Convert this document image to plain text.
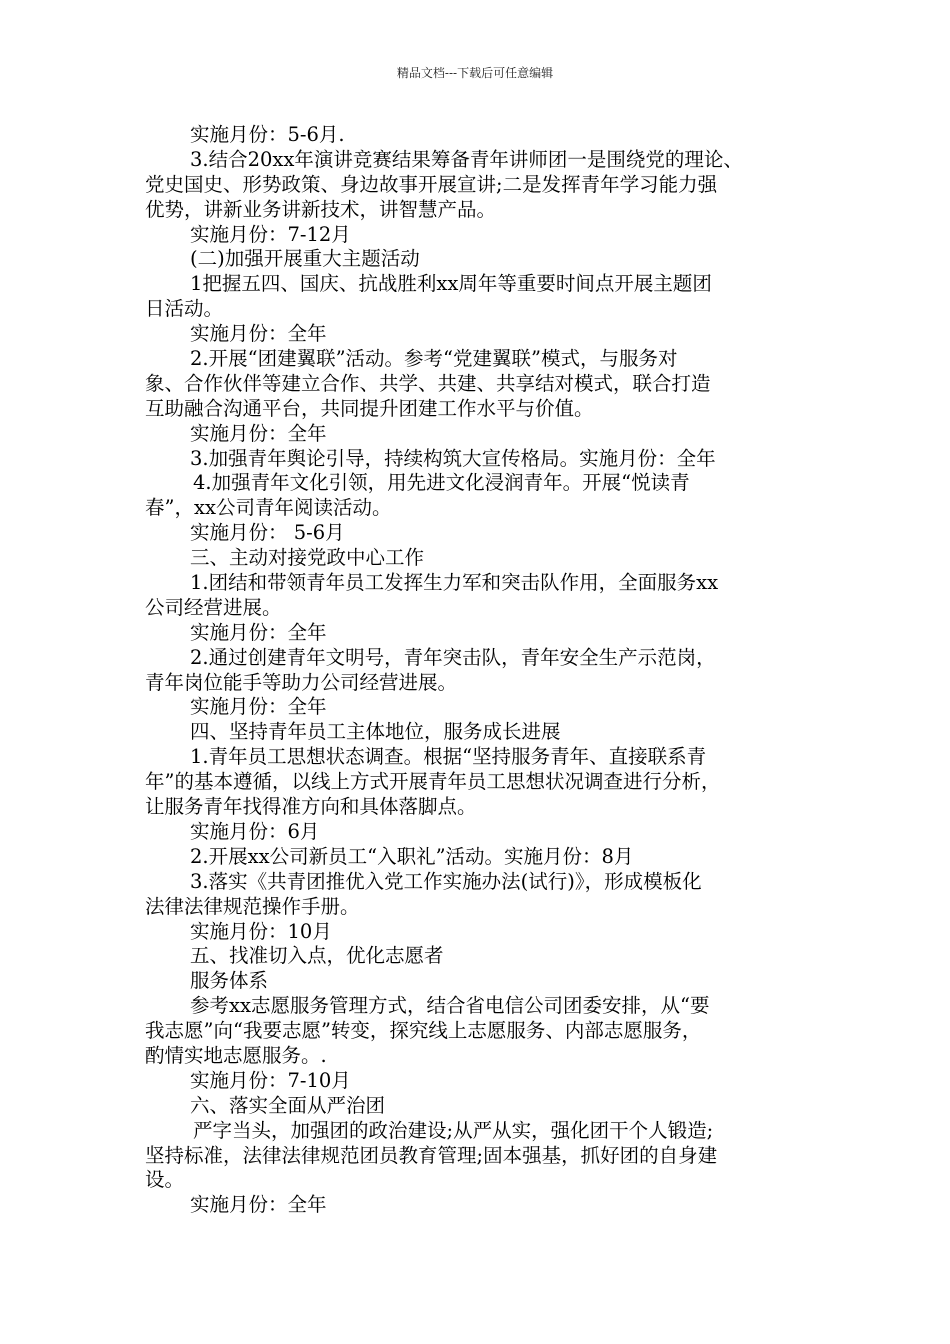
精品文档---下载后可任意编辑
实施月份：5-6月.
3.结合20xx年演讲竞赛结果筹备青年讲师团一是围绕党的理论、
党史国史、形势政策、身边故事开展宣讲;二是发挥青年学习能力强
优势，讲新业务讲新技术，讲智慧产品。
实施月份：7-12月
(二)加强开展重大主题活动
1把握五四、国庆、抗战胜利xx周年等重要时间点开展主题团
日活动。
实施月份：全年
2.开展“团建翼联”活动。参考“党建翼联”模式，与服务对
象、合作伙伴等建立合作、共学、共建、共享结对模式，联合打造
互助融合沟通平台，共同提升团建工作水平与价值。
实施月份：全年
3.加强青年舆论引导，持续构筑大宣传格局。实施月份：全年
4.加强青年文化引领，用先进文化浸润青年。开展“悦读青
春”，xx公司青年阅读活动。
实施月份： 5-6月
三、主动对接党政中心工作
1.团结和带领青年员工发挥生力军和突击队作用，全面服务xx
公司经营进展。
实施月份：全年
2.通过创建青年文明号，青年突击队，青年安全生产示范岗，
青年岗位能手等助力公司经营进展。
实施月份：全年
四、坚持青年员工主体地位，服务成长进展
1.青年员工思想状态调查。根据“坚持服务青年、直接联系青
年”的基本遵循，以线上方式开展青年员工思想状况调查进行分析，
让服务青年找得准方向和具体落脚点。
实施月份：6月
2.开展xx公司新员工“入职礼”活动。实施月份：8月
3.落实《共青团推优入党工作实施办法(试行)》，形成模板化
法律法律规范操作手册。
实施月份：10月
五、找准切入点，优化志愿者
服务体系
参考xx志愿服务管理方式，结合省电信公司团委安排，从“要
我志愿”向“我要志愿”转变，探究线上志愿服务、内部志愿服务，
酌情实地志愿服务。.
实施月份：7-10月
六、落实全面从严治团
严字当头，加强团的政治建设;从严从实，强化团干个人锻造;
坚持标准，法律法律规范团员教育管理;固本强基，抓好团的自身建
设。
实施月份：全年
